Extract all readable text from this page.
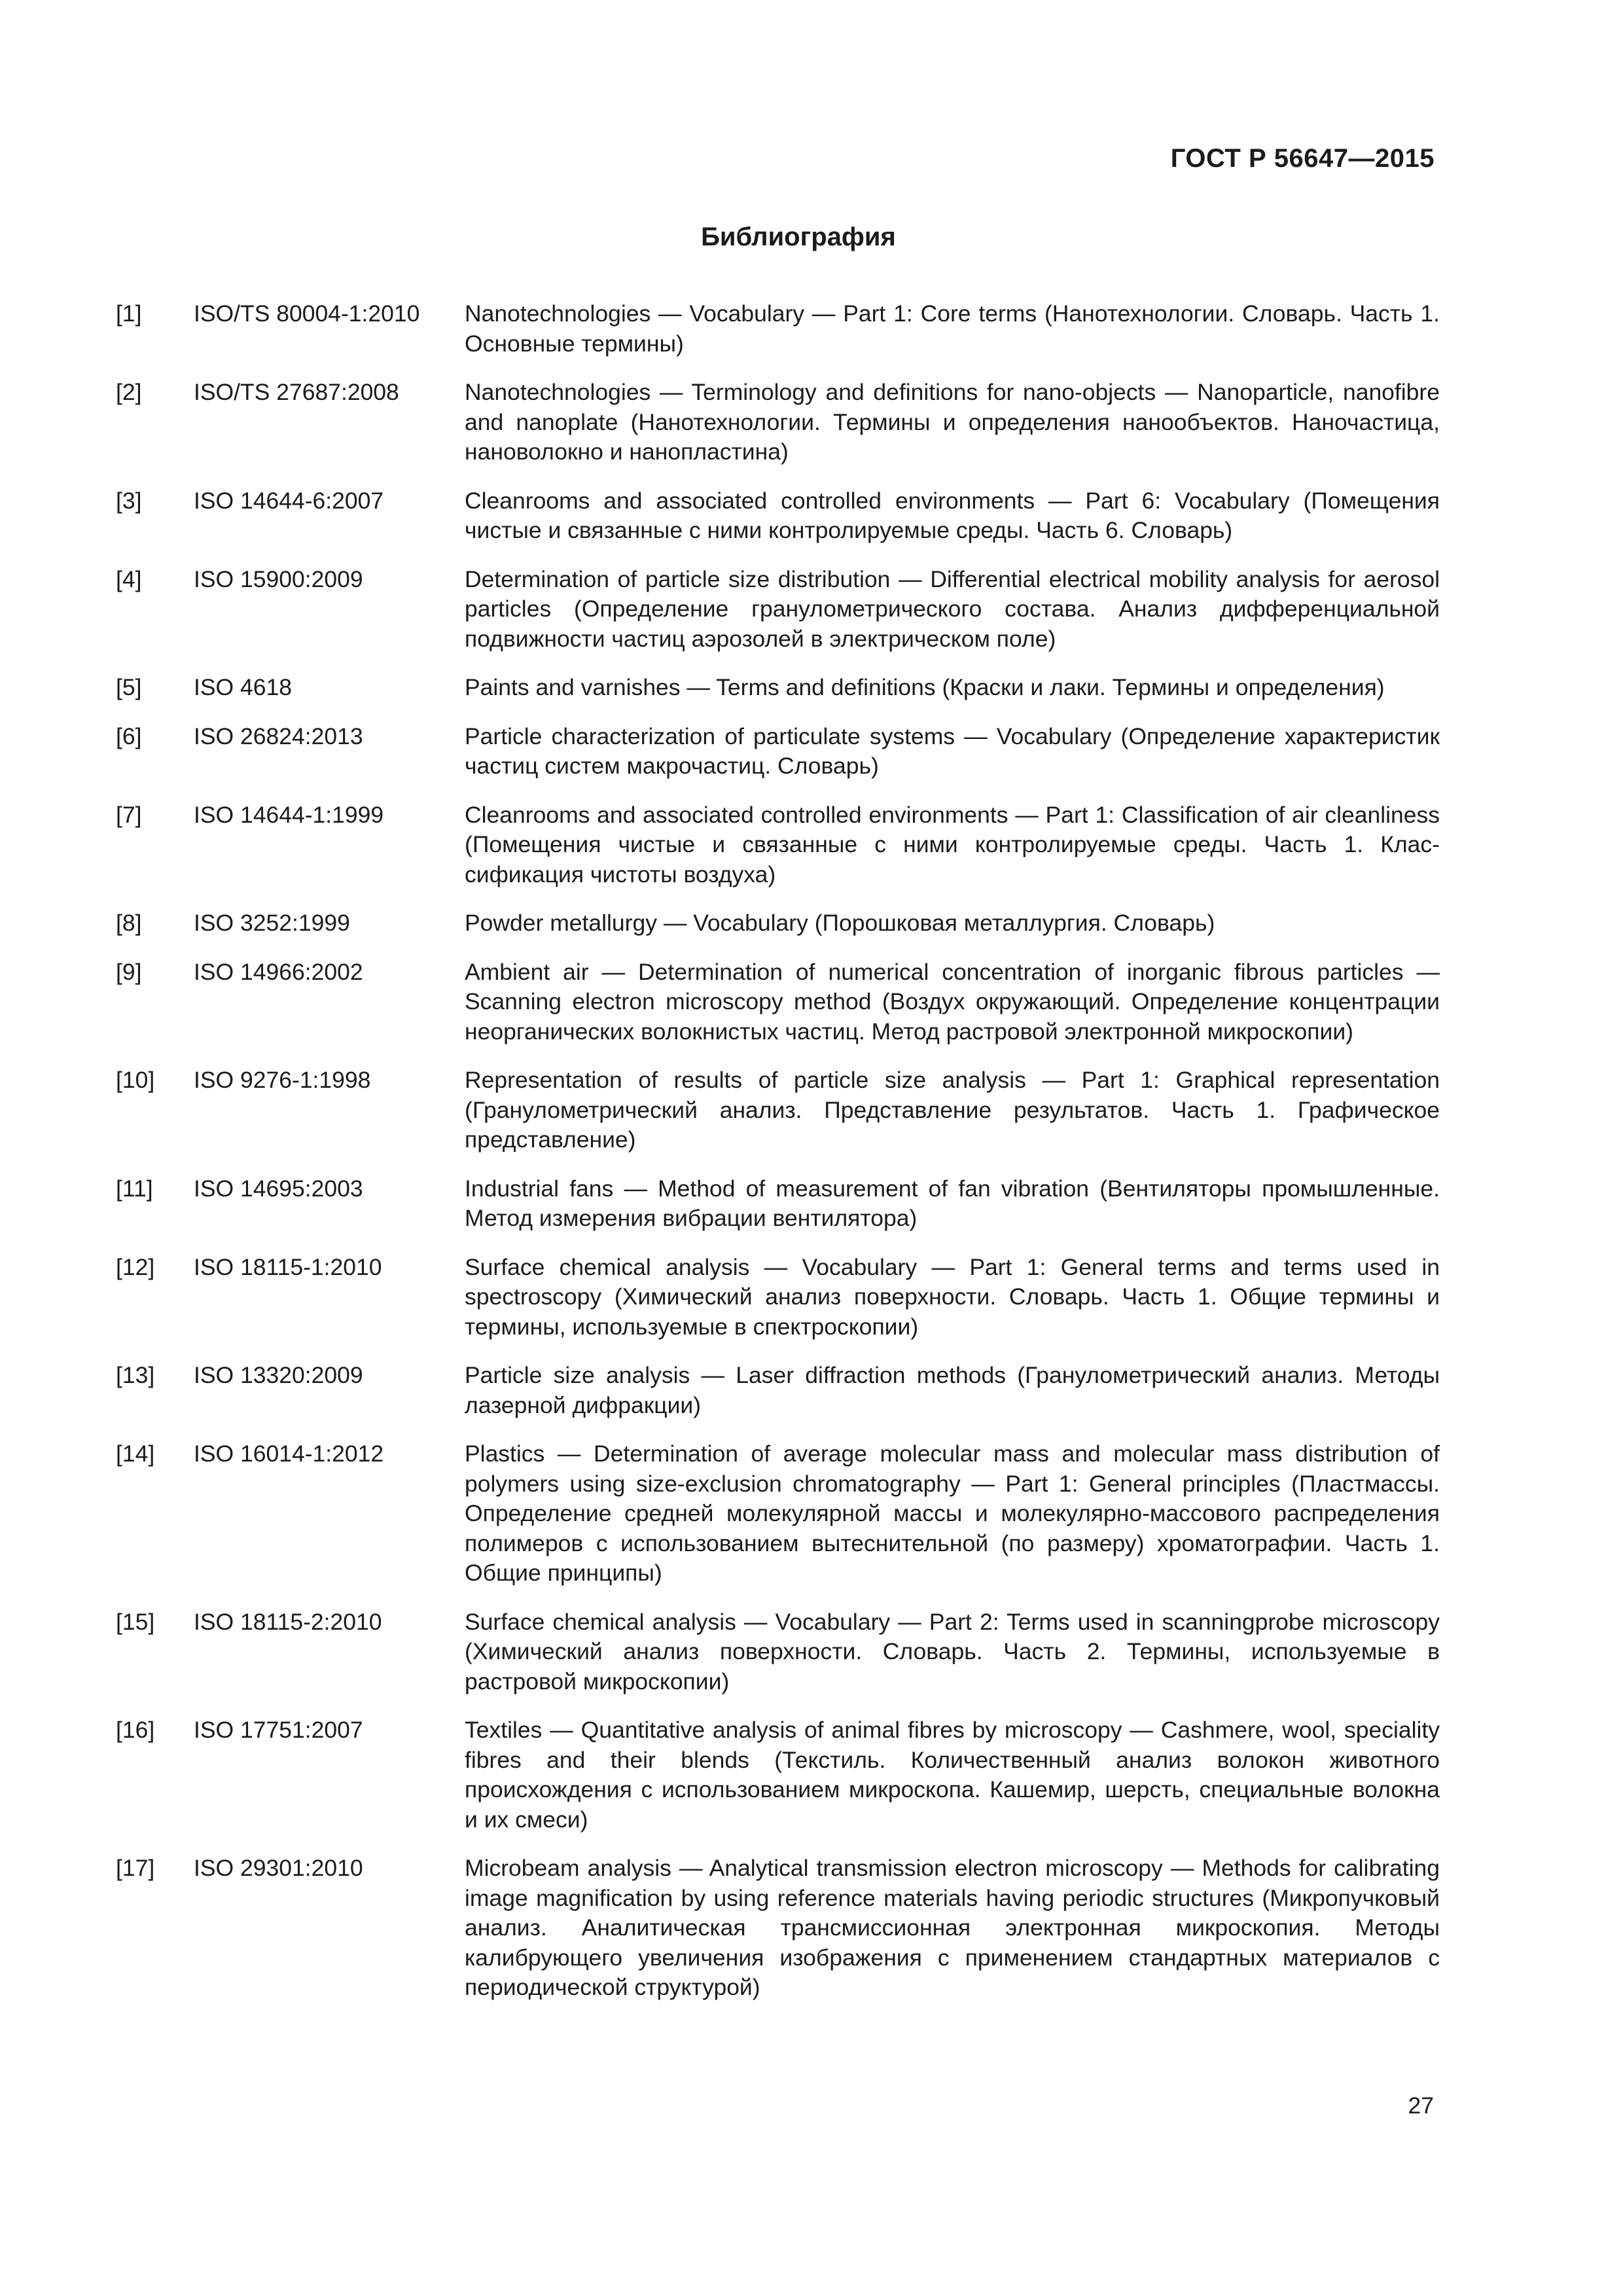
ГОСТ Р 56647—2015

Библиография
[1]	ISO/TS 80004-1:2010	Nanotechnologies — Vocabulary — Part 1: Core terms (Нанотехнологии. Словарь. Часть 1. Основные термины)
[2]	ISO/TS 27687:2008	Nanotechnologies — Terminology and definitions for nano-objects — Nanoparticle, nanofibre and nanoplate (Нанотехнологии. Термины и определения нанообъектов. Наночастица, нановолокно и нанопластина)
[3]	ISO 14644-6:2007	Cleanrooms and associated controlled environments — Part 6: Vocabulary (Помещения чистые и связанные с ними контролируемые среды. Часть 6. Словарь)
[4]	ISO 15900:2009	Determination of particle size distribution — Differential electrical mobility analysis for aerosol particles (Определение гранулометрического состава. Анализ дифференциальной подвижности частиц аэрозолей в электрическом поле)
[5]	ISO 4618	Paints and varnishes — Terms and definitions (Краски и лаки. Термины и определения)
[6]	ISO 26824:2013	Particle characterization of particulate systems — Vocabulary (Определение характеристик частиц систем макрочастиц. Словарь)
[7]	ISO 14644-1:1999	Cleanrooms and associated controlled environments — Part 1: Classification of air cleanliness (Помещения чистые и связанные с ними контролируемые среды. Часть 1. Классификация чистоты воздуха)
[8]	ISO 3252:1999	Powder metallurgy — Vocabulary (Порошковая металлургия. Словарь)
[9]	ISO 14966:2002	Ambient air — Determination of numerical concentration of inorganic fibrous particles — Scanning electron microscopy method (Воздух окружающий. Определение концентрации неорганических волокнистых частиц. Метод растровой электронной микроскопии)
[10]	ISO 9276-1:1998	Representation of results of particle size analysis — Part 1: Graphical representation (Гранулометрический анализ. Представление результатов. Часть 1. Графическое представление)
[11]	ISO 14695:2003	Industrial fans — Method of measurement of fan vibration (Вентиляторы промышленные. Метод измерения вибрации вентилятора)
[12]	ISO 18115-1:2010	Surface chemical analysis — Vocabulary — Part 1: General terms and terms used in spectroscopy (Химический анализ поверхности. Словарь. Часть 1. Общие термины и термины, используемые в спектроскопии)
[13]	ISO 13320:2009	Particle size analysis — Laser diffraction methods (Гранулометрический анализ. Методы лазерной дифракции)
[14]	ISO 16014-1:2012	Plastics — Determination of average molecular mass and molecular mass distribution of polymers using size-exclusion chromatography — Part 1: General principles (Пластмассы. Определение средней молекулярной массы и молекулярно-массового распределения полимеров с использованием вытеснительной (по размеру) хроматографии. Часть 1. Общие принципы)
[15]	ISO 18115-2:2010	Surface chemical analysis — Vocabulary — Part 2: Terms used in scanningprobe microscopy (Химический анализ поверхности. Словарь. Часть 2. Термины, используемые в растровой микроскопии)
[16]	ISO 17751:2007	Textiles — Quantitative analysis of animal fibres by microscopy — Cashmere, wool, speciality fibres and their blends (Текстиль. Количественный анализ волокон животного происхождения с использованием микроскопа. Кашемир, шерсть, специальные волокна и их смеси)
[17]	ISO 29301:2010	Microbeam analysis — Analytical transmission electron microscopy — Methods for calibrating image magnification by using reference materials having periodic structures (Микропучковый анализ. Аналитическая трансмиссионная электронная микроскопия. Методы калибрующего увеличения изображения с применением стандартных материалов с периодической структурой)

27
